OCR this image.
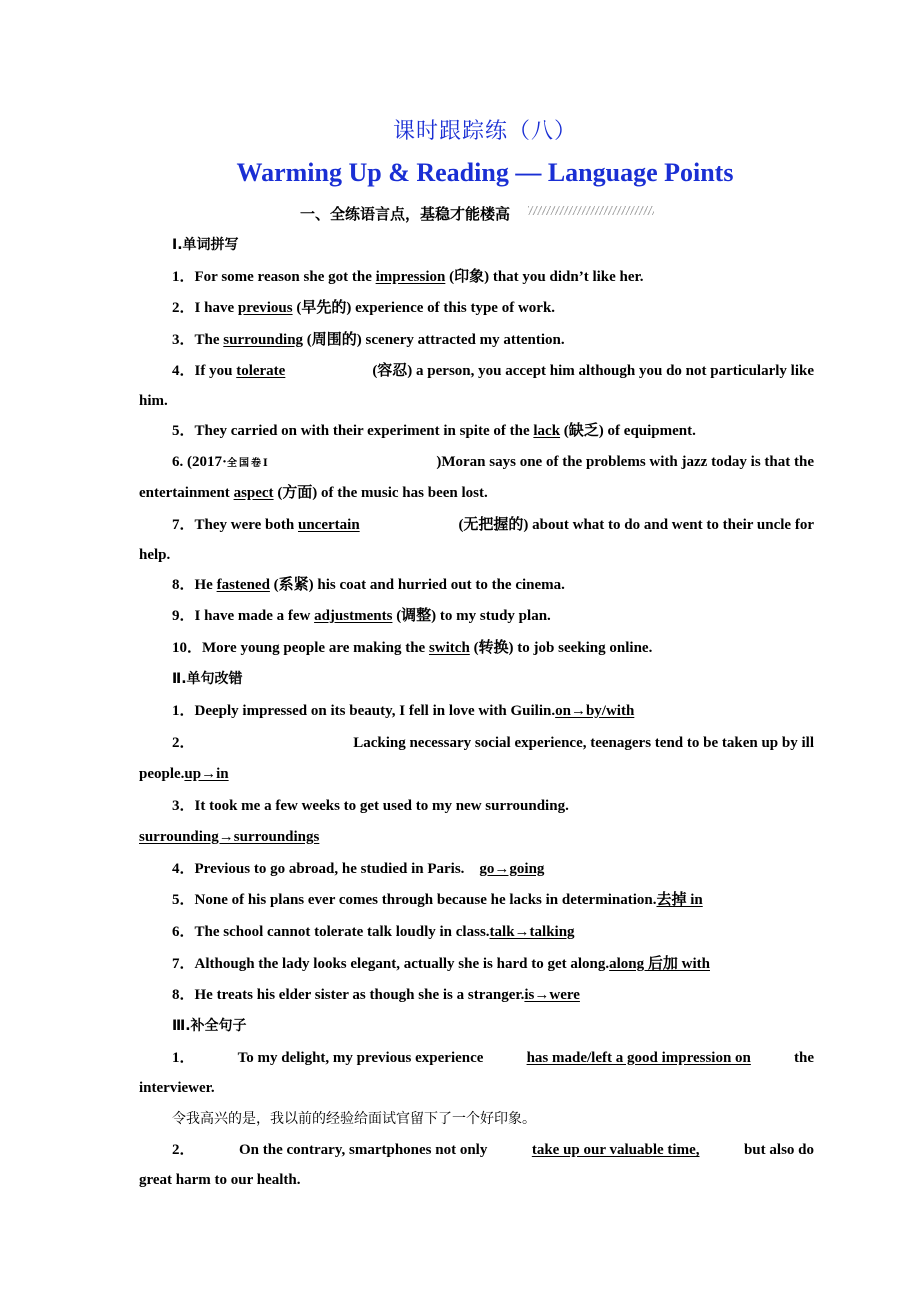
课时跟踪练（八）
Warming Up & Reading — Language Points
一、全练语言点，基稳才能楼高
Ⅰ.单词拼写
1．For some reason she got the impression (印象) that you didn’t like her.
2．I have previous (早先的) experience of this type of work.
3．The surrounding (周围的) scenery attracted my attention.
4．If you tolerate	(容忍) a person, you accept him although you do not particularly like
him.
5．They carried on with their experiment in spite of the lack (缺乏) of equipment.
6. (2017·全国卷Ⅰ	)Moran says one of the problems with jazz today is that the
entertainment aspect (方面) of the music has been lost.
7．They were both uncertain	(无把握的) about what to do and went to their uncle for
help.
8．He fastened (系紧) his coat and hurried out to the cinema.
9．I have made a few adjustments (调整) to my study plan.
10．More young people are making the switch (转换) to job seeking online.
Ⅱ.单句改错
1．Deeply impressed on its beauty, I fell in love with Guilin.on→by/with
2．	Lacking necessary social experience, teenagers tend to be taken up by ill
people.up→in
3．It took me a few weeks to get used to my new surrounding.
surrounding→surroundings
4．Previous to go abroad, he studied in Paris. go→going
5．None of his plans ever comes through because he lacks in determination.去掉 in
6．The school cannot tolerate talk loudly in class.talk→talking
7．Although the lady looks elegant, actually she is hard to get along.along 后加 with
8．He treats his elder sister as though she is a stranger.is→were
Ⅲ.补全句子
1．	To my delight, my previous experience	has made/left a good impression on	the
interviewer.
令我高兴的是，我以前的经验给面试官留下了一个好印象。
2．	On the contrary, smartphones not only	take up our valuable time,	but also do
great harm to our health.
